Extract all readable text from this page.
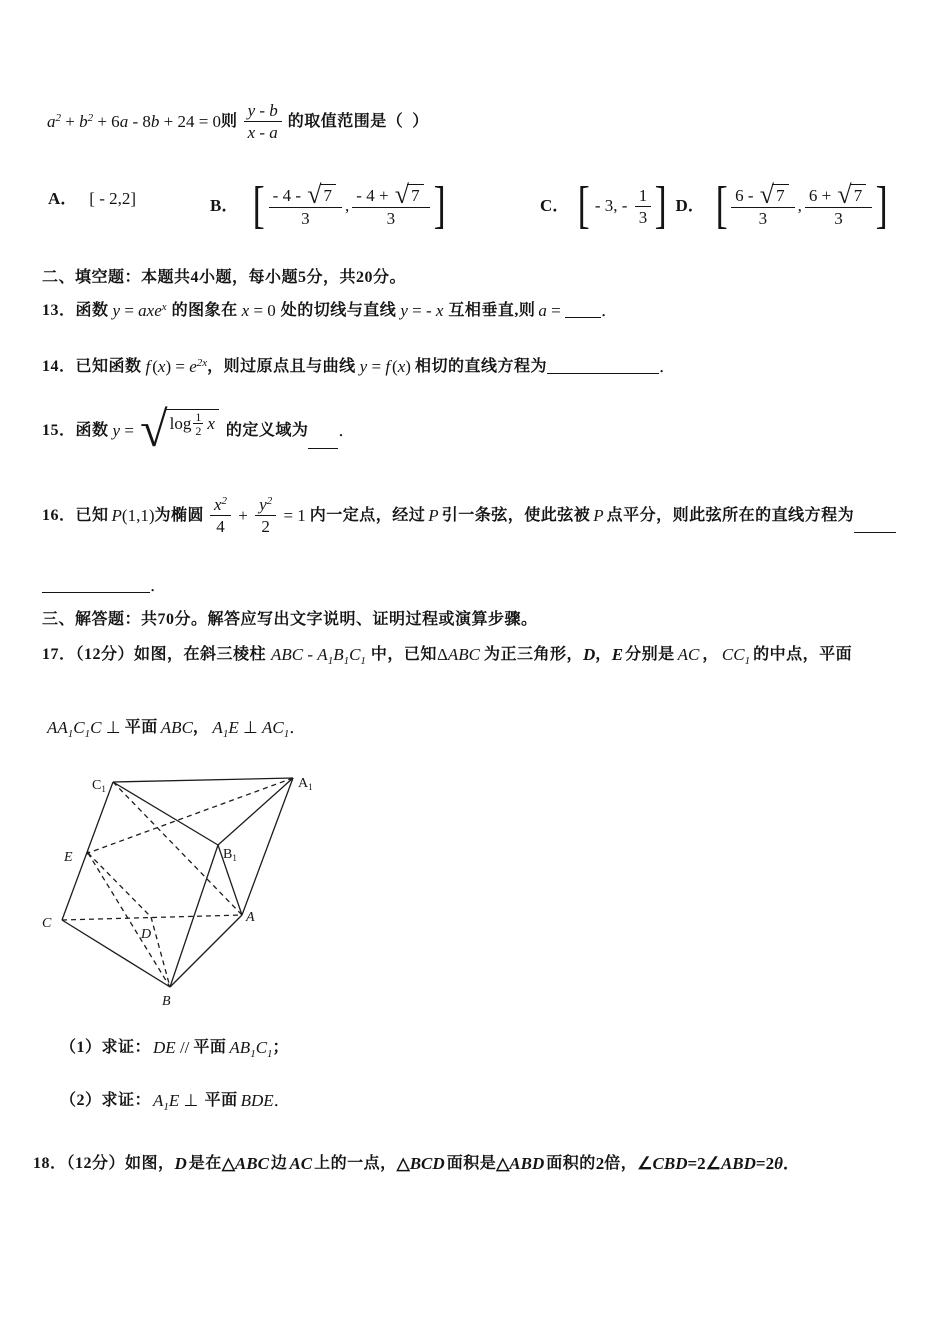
$a^2 + b^2 + 6$ a - 8 b + 24 = 0 则 $\frac{y - b}{x - a}$ 的取值范围是（  ）
A． [ - 2,2]	B． [ $\frac{- 4 - √ 7}{3}$ , $\frac{- 4 + √ 7}{3}$ ]	C． [ - 3, - $\frac{1}{3}$ ] D． [ $\frac{6 - √ 7}{3}$ , $\frac{6 + √ 7}{3}$ ]
二、填空题：本题共4小题，每小题5分，共20分。
13．函数 y = axe$^x$ 的图象在 x = 0 处的切线与直线 y = - x 互相垂直,则 a = ．
14．已知函数 f ( x ) = $e^{2x}$ ，则过原点且与曲线 y = f ( x ) 相切的直线方程为	．
15．函数 y = √ $\log \frac{1}{2}$ x 的定义域为 ．
16．已知 P (1,1) 为椭圆 $\frac{x^2}{4} + \frac{y^2}{2} = 1$ 内一定点，经过 P 引一条弦，使此弦被 P 点平分，则此弦所在的直线方程为
．
三、解答题：共70分。解答应写出文字说明、证明过程或演算步骤。
17．（12分）如图，在斜三棱柱 ABC - $A_1$ $B_1$ $C_1$ 中，已知 Δ ABC 为正三角形， D ， E 分别是 AC ， $CC_1$ 的中点，平面
$AA_1$ $C_1$ C ⊥ 平面 ABC ， $A_1$ E ⊥ $AC_1$ ．
$C_1$	$A_1$
E	$B_1$
C
D
A
B
（1）求证： DE // 平面 $AB_1$ $C_1$ ；
（2）求证： $A_1$ E ⊥ 平面 BDE ．
18．（12分）如图， D 是在 △ ABC 边 AC 上的一点， △ BCD 面积是 △ ABD 面积的 2 倍， ∠ CBD =2 ∠ ABD =2 θ ．
